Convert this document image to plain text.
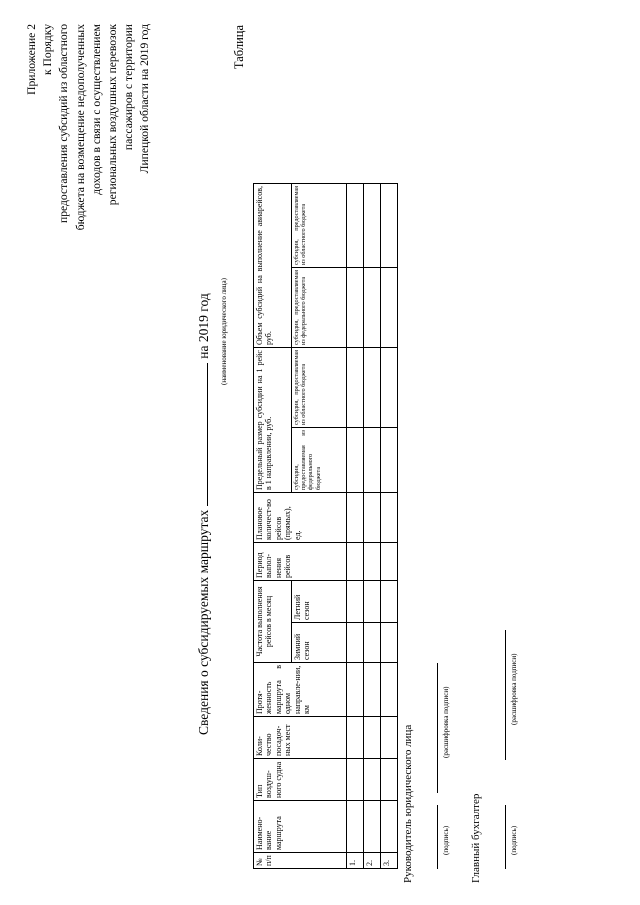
Приложение 2 к Порядку предоставления субсидий из областного бюджета на возмещение недополученных доходов в связи с осуществлением региональных воздушных перевозок пассажиров с территории Липецкой области на 2019 год	Таблица
Сведения о субсидируемых маршрутахна 2019 год (наименование юридического лица)
№ п/п	Наимено-вание маршрута	Тип воздуш-ного судна	Коли-чество посадоч-ных мест	Протя-женность маршрута в одном направле-нии, км	Частота выполнения рейсов в месяц		Период выпол-нения рейсов	Плановое количест-во рейсов (прямых), ед.	Предельный размер субсидии на 1 рейс в 1 направлении, руб.		Объем субсидий на выполнение авиарейсов, руб.	
					Зимний сезон	Летний сезон			субсидия, предоставляемая из федерального бюджета	субсидия, предоставляемая из областного бюджета	субсидия, предоставляемая из федерального бюджета	субсидия, предоставляемая из областного бюджета
1.												
2.												
3.												Руководитель юридического лица	(подпись)
(расшифровка подписи)
Главный бухгалтер	(подпись)
(расшифровка подписи)
